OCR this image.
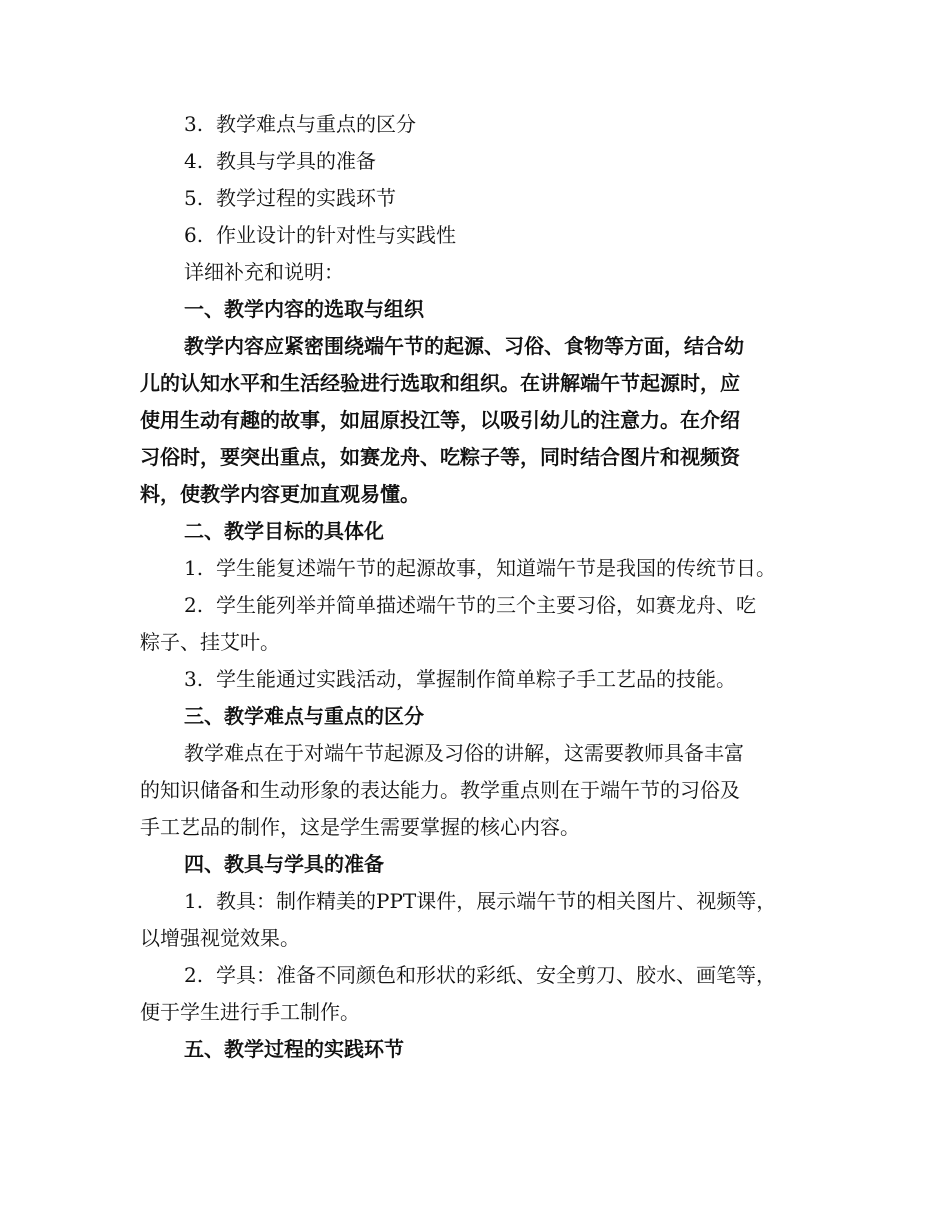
3. 教学难点与重点的区分
4. 教具与学具的准备
5. 教学过程的实践环节
6. 作业设计的针对性与实践性
详细补充和说明：
一、教学内容的选取与组织
教学内容应紧密围绕端午节的起源、习俗、食物等方面，结合幼
儿的认知水平和生活经验进行选取和组织。在讲解端午节起源时，应
使用生动有趣的故事，如屈原投江等，以吸引幼儿的注意力。在介绍
习俗时，要突出重点，如赛龙舟、吃粽子等，同时结合图片和视频资
料，使教学内容更加直观易懂。
二、教学目标的具体化
1. 学生能复述端午节的起源故事，知道端午节是我国的传统节日。
2. 学生能列举并简单描述端午节的三个主要习俗，如赛龙舟、吃
粽子、挂艾叶。
3. 学生能通过实践活动，掌握制作简单粽子手工艺品的技能。
三、教学难点与重点的区分
教学难点在于对端午节起源及习俗的讲解，这需要教师具备丰富
的知识储备和生动形象的表达能力。教学重点则在于端午节的习俗及
手工艺品的制作，这是学生需要掌握的核心内容。
四、教具与学具的准备
1. 教具：制作精美的PPT课件，展示端午节的相关图片、视频等，
以增强视觉效果。
2. 学具：准备不同颜色和形状的彩纸、安全剪刀、胶水、画笔等，
便于学生进行手工制作。
五、教学过程的实践环节
